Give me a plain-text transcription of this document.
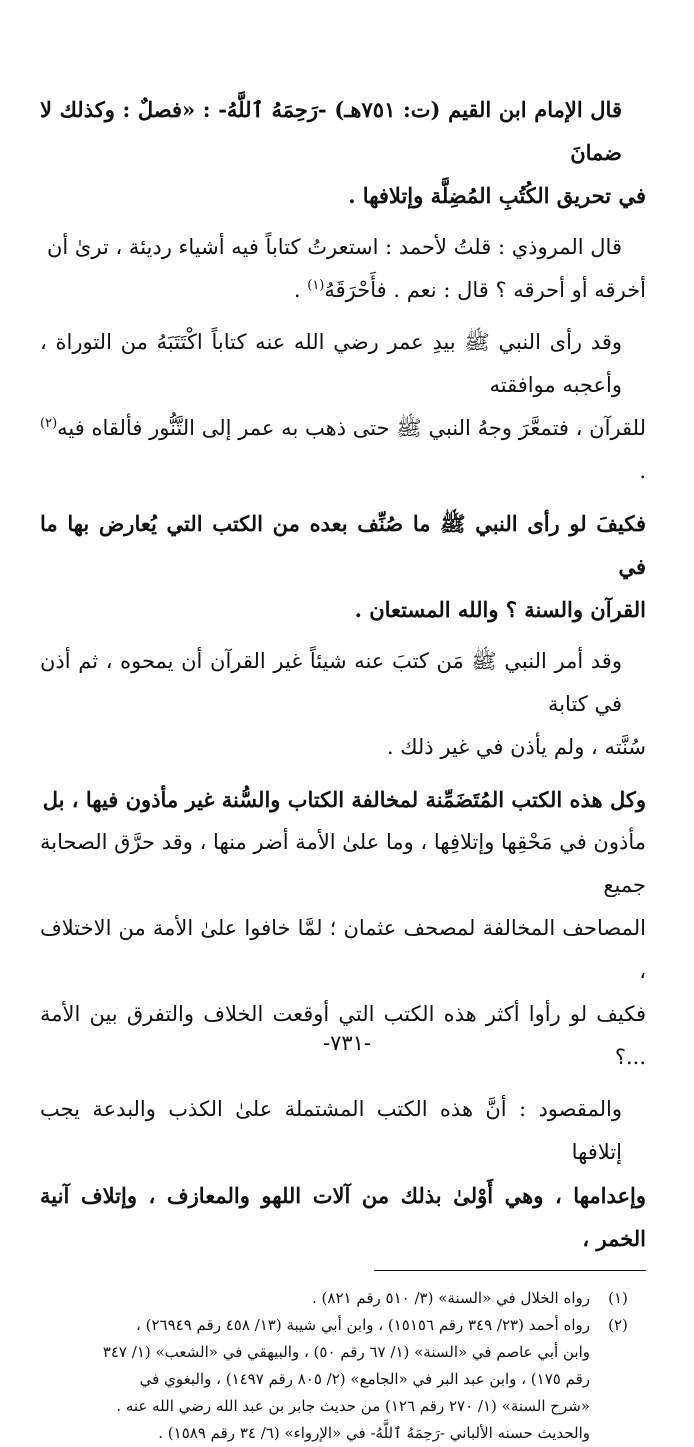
قال الإمام ابن القيم (ت: ٧٥١هـ) -رَحِمَهُ ٱللَّهُ- : «فصلٌ : وكذلك لا ضمانَ
في تحريق الكُتُبِ المُضِلَّة وإتلافها .
قال المروذي : قلتُ لأحمد : استعرتُ كتاباً فيه أشياء رديئة ، ترىٰ أن
أخرقه أو أحرقه ؟ قال : نعم . فأَحْرَقَهُ$^{(١)}$ .
وقد رأى النبي ﷺ بيدِ عمر رضي الله عنه كتاباً اكْتَتَبَهُ من التوراة ، وأعجبه موافقته
للقرآن ، فتمعَّرَ وجهُ النبي ﷺ حتى ذهب به عمر إلى التَّنُّور فألقاه فيه$^{(٢)}$ .
فكيفَ لو رأى النبي ﷺ ما صُنِّف بعده من الكتب التي يُعارض بها ما في
القرآن والسنة ؟ والله المستعان .
وقد أمر النبي ﷺ مَن كتبَ عنه شيئاً غير القرآن أن يمحوه ، ثم أذن في كتابة
سُنَّته ، ولم يأذن في غير ذلك .
وكل هذه الكتب المُتَضَمِّنة لمخالفة الكتاب والسُّنة غير مأذون فيها ، بل
مأذون في مَحْقِها وإتلافِها ، وما علىٰ الأمة أضر منها ، وقد حرَّق الصحابة جميع
المصاحف المخالفة لمصحف عثمان ؛ لمَّا خافوا علىٰ الأمة من الاختلاف ،
فكيف لو رأوا أكثر هذه الكتب التي أوقعت الخلاف والتفرق بين الأمة ...؟
والمقصود : أنَّ هذه الكتب المشتملة علىٰ الكذب والبدعة يجب إتلافها
وإعدامها ، وهي أَوْلىٰ بذلك من آلات اللهو والمعازف ، وإتلاف آنية الخمر ،
(١)
رواه الخلال في «السنة» (٣/ ٥١٠ رقم ٨٢١) .
(٢)
رواه أحمد (٢٣/ ٣٤٩ رقم ١٥١٥٦) ، وابن أبي شيبة (١٣/ ٤٥٨ رقم ٢٦٩٤٩) ،
وابن أبي عاصم في «السنة» (١/ ٦٧ رقم ٥٠) ، والبيهقي في «الشعب» (١/ ٣٤٧
رقم ١٧٥) ، وابن عبد البر في «الجامع» (٢/ ٨٠٥ رقم ١٤٩٧) ، والبغوي في
«شرح السنة» (١/ ٢٧٠ رقم ١٢٦) من حديث جابر بن عبد الله رضي الله عنه .
والحديث حسنه الألباني -رَحِمَهُ ٱللَّهُ- في «الإرواء» (٦/ ٣٤ رقم ١٥٨٩) .
-٧٣١-
